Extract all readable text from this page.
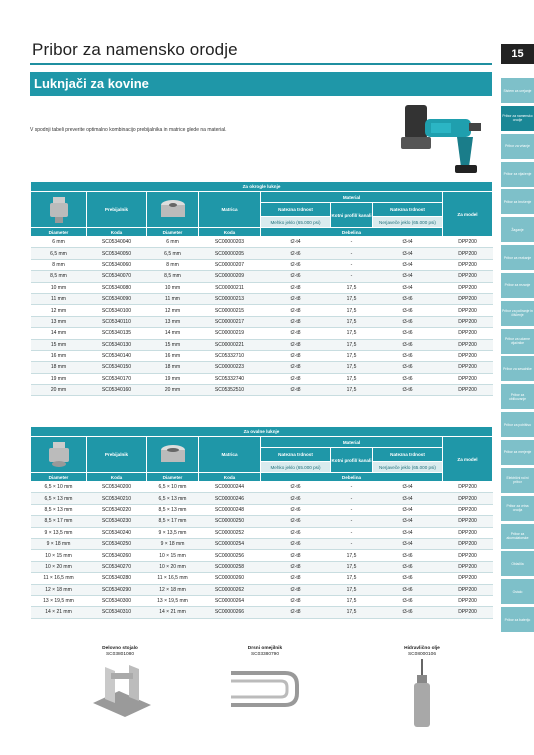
Pribor za namensko orodje	15
Luknjači za kovine
V spodnji tabeli preverite optimalno kombinacijo prebijalnika in matrice glede na material.
Sistem za urejanje
Pribor za namensko orodje
Pribor za vrtanje
Pribor za vijačenje
Pribor za brušenje
Žaganje
Pribor za rezkanje
Pribor za rezanje
Pribor za poliranje in čiščenje
Pribor za udarne vijačnike
Pribor za sesalnike
Pribor za oblikovanje
Pribor za pohištvo
Pribor za merjenje
Električni ročni pribor
Pribor za vrtna orodja
Pribor za akumulatorske
Oblačila
Ostalo
Pribor za baterijo
Za okrogle luknje							
	Prebijalnik		Matrica	Material			Za model
				Natezna trdnost	Kotni profil/ kanali	Natezna trdnost	
				Mehko jeklo (65.000 psi)		Nerjaveče jeklo (65.000 psi)	
Diameter	Koda	Diameter	Koda	Debelina			
6 mm	SC05340040	6 mm	SC00000203	t2-t4	-	t3-t4	DPP200
6,5 mm	SC05340050	6,5 mm	SC00000205	t2-t6	-	t3-t4	DPP200
8 mm	SC05340060	8 mm	SC00000207	t2-t6	-	t3-t4	DPP200
8,5 mm	SC05340070	8,5 mm	SC00000209	t2-t6	-	t3-t4	DPP200
10 mm	SC05340080	10 mm	SC00000211	t2-t8	17,5	t3-t4	DPP200
11 mm	SC05340090	11 mm	SC00000213	t2-t8	17,5	t3-t6	DPP200
12 mm	SC05340100	12 mm	SC00000215	t2-t8	17,5	t3-t6	DPP200
13 mm	SC05340110	13 mm	SC00000217	t2-t8	17,5	t3-t6	DPP200
14 mm	SC05340135	14 mm	SC00000219	t2-t8	17,5	t3-t6	DPP200
15 mm	SC05340130	15 mm	SC00000221	t2-t8	17,5	t3-t6	DPP200
16 mm	SC05340140	16 mm	SC05332710	t2-t8	17,5	t3-t6	DPP200
18 mm	SC05340150	18 mm	SC00000223	t2-t8	17,5	t3-t6	DPP200
19 mm	SC05340170	19 mm	SC05332740	t2-t8	17,5	t3-t6	DPP200
20 mm	SC05340160	20 mm	SC05352510	t2-t8	17,5	t3-t6	DPP200
Za ovalne luknje							
	Prebijalnik		Matrica	Material			Za model
				Natezna trdnost	Kotni profil/ kanali	Natezna trdnost	
				Mehko jeklo (65.000 psi)		Nerjaveče jeklo (65.000 psi)	
Diameter	Koda	Diameter	Koda	Debelina			
6,5 × 10 mm	SC05340200	6,5 × 10 mm	SC00000244	t2-t6	-	t3-t4	DPP200
6,5 × 13 mm	SC05340210	6,5 × 13 mm	SC00000246	t2-t6	-	t3-t4	DPP200
8,5 × 13 mm	SC05340220	8,5 × 13 mm	SC00000248	t2-t6	-	t3-t4	DPP200
8,5 × 17 mm	SC05340230	8,5 × 17 mm	SC00000250	t2-t6	-	t3-t4	DPP200
9 × 13,5 mm	SC05340240	9 × 13,5 mm	SC00000252	t2-t6	-	t3-t4	DPP200
9 × 18 mm	SC05340250	9 × 18 mm	SC00000254	t2-t6	-	t3-t4	DPP200
10 × 15 mm	SC05340260	10 × 15 mm	SC00000256	t2-t8	17,5	t3-t6	DPP200
10 × 20 mm	SC05340270	10 × 20 mm	SC00000258	t2-t8	17,5	t3-t6	DPP200
11 × 16,5 mm	SC05340280	11 × 16,5 mm	SC00000260	t2-t8	17,5	t3-t6	DPP200
12 × 18 mm	SC05340290	12 × 18 mm	SC00000262	t2-t8	17,5	t3-t6	DPP200
13 × 19,5 mm	SC05340300	13 × 19,5 mm	SC00000264	t2-t8	17,5	t3-t6	DPP200
14 × 21 mm	SC05340310	14 × 21 mm	SC00000266	t2-t8	17,5	t3-t6	DPP200
Delovno stojalo
SC03801080
Drsni omejilnik
SC03380790
Hidravlično olje
SC08000106
